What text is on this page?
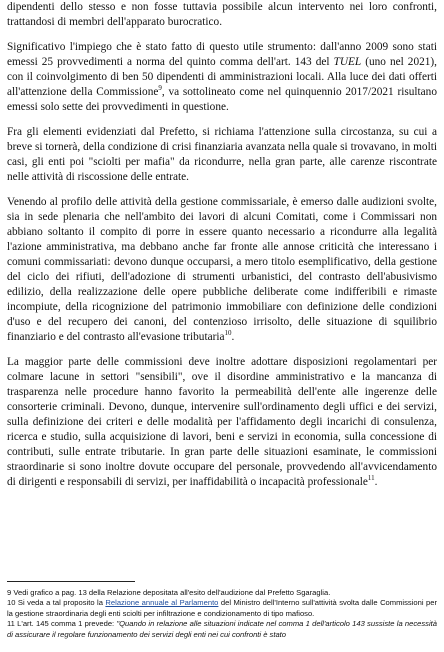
dipendenti dello stesso e non fosse tuttavia possibile alcun intervento nei loro confronti, trattandosi di membri dell'apparato burocratico.

Significativo l'impiego che è stato fatto di questo utile strumento: dall'anno 2009 sono stati emessi 25 provvedimenti a norma del quinto comma dell'art. 143 del TUEL (uno nel 2021), con il coinvolgimento di ben 50 dipendenti di amministrazioni locali. Alla luce dei dati offerti all'attenzione della Commissione$^9$, va sottolineato come nel quinquennio 2017/2021 risultano emessi solo sette dei provvedimenti in questione.

Fra gli elementi evidenziati dal Prefetto, si richiama l'attenzione sulla circostanza, su cui a breve si tornerà, della condizione di crisi finanziaria avanzata nella quale si trovavano, in molti casi, gli enti poi "sciolti per mafia" da ricondurre, nella gran parte, alle carenze riscontrate nelle attività di riscossione delle entrate.

Venendo al profilo delle attività della gestione commissariale, è emerso dalle audizioni svolte, sia in sede plenaria che nell'ambito dei lavori di alcuni Comitati, come i Commissari non abbiano soltanto il compito di porre in essere quanto necessario a ricondurre alla legalità l'azione amministrativa, ma debbano anche far fronte alle annose criticità che interessano i comuni commissariati: devono dunque occuparsi, a mero titolo esemplificativo, della gestione del ciclo dei rifiuti, dell'adozione di strumenti urbanistici, del contrasto dell'abusivismo edilizio, della realizzazione delle opere pubbliche deliberate come indifferibili e rimaste incompiute, della ricognizione del patrimonio immobiliare con definizione delle condizioni d'uso e del recupero dei canoni, del contenzioso irrisolto, delle situazione di squilibrio finanziario e del contrasto all'evasione tributaria$^{10}$.

La maggior parte delle commissioni deve inoltre adottare disposizioni regolamentari per colmare lacune in settori "sensibili", ove il disordine amministrativo e la mancanza di trasparenza nelle procedure hanno favorito la permeabilità dell'ente alle ingerenze delle consorterie criminali. Devono, dunque, intervenire sull'ordinamento degli uffici e dei servizi, sulla definizione dei criteri e delle modalità per l'affidamento degli incarichi di consulenza, ricerca e studio, sulla acquisizione di lavori, beni e servizi in economia, sulla concessione di contributi, sulle entrate tributarie. In gran parte delle situazioni esaminate, le commissioni straordinarie si sono inoltre dovute occupare del personale, provvedendo all'avvicendamento di dirigenti e responsabili di servizi, per inaffidabilità o incapacità professionale$^{11}$.

9 Vedi grafico a pag. 13 della Relazione depositata all'esito dell'audizione dal Prefetto Sgaraglia.

10 Si veda a tal proposito la Relazione annuale al Parlamento del Ministro dell'Interno sull'attività svolta dalle Commissioni per la gestione straordinaria degli enti sciolti per infiltrazione e condizionamento di tipo mafioso.

11 L'art. 145 comma 1 prevede: "Quando in relazione alle situazioni indicate nel comma 1 dell'articolo 143 sussiste la necessità di assicurare il regolare funzionamento dei servizi degli enti nei cui confronti è stato
